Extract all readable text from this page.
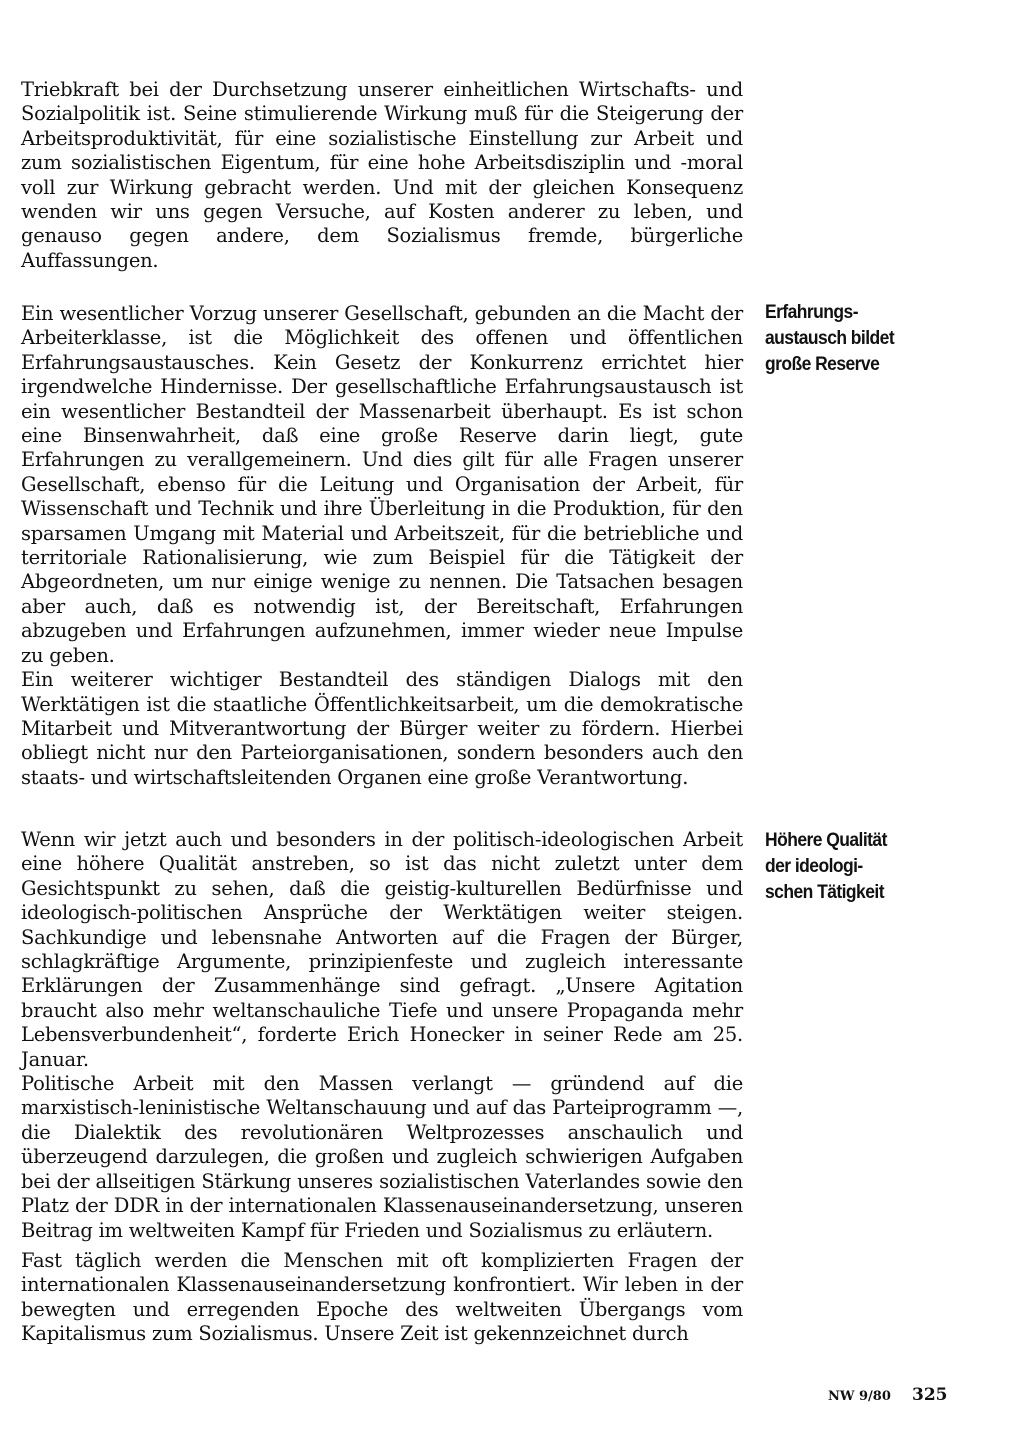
Triebkraft bei der Durchsetzung unserer einheitlichen Wirtschafts- und Sozialpolitik ist. Seine stimulierende Wirkung muß für die Steigerung der Arbeitsproduktivität, für eine sozialistische Einstellung zur Arbeit und zum sozialistischen Eigentum, für eine hohe Arbeitsdisziplin und -moral voll zur Wirkung gebracht werden. Und mit der gleichen Konsequenz wenden wir uns gegen Versuche, auf Kosten anderer zu leben, und genauso gegen andere, dem Sozialismus fremde, bürgerliche Auffassungen.

Ein wesentlicher Vorzug unserer Gesellschaft, gebunden an die Macht der Arbeiterklasse, ist die Möglichkeit des offenen und öffentlichen Erfahrungsaustausches. Kein Gesetz der Konkurrenz errichtet hier irgendwelche Hindernisse. Der gesellschaftliche Erfahrungsaustausch ist ein wesentlicher Bestandteil der Massenarbeit überhaupt. Es ist schon eine Binsenwahrheit, daß eine große Reserve darin liegt, gute Erfahrungen zu verallgemeinern. Und dies gilt für alle Fragen unserer Gesellschaft, ebenso für die Leitung und Organisation der Arbeit, für Wissenschaft und Technik und ihre Überleitung in die Produktion, für den sparsamen Umgang mit Material und Arbeitszeit, für die betriebliche und territoriale Rationalisierung, wie zum Beispiel für die Tätigkeit der Abgeordneten, um nur einige wenige zu nennen. Die Tatsachen besagen aber auch, daß es notwendig ist, der Bereitschaft, Erfahrungen abzugeben und Erfahrungen aufzunehmen, immer wieder neue Impulse zu geben.

Ein weiterer wichtiger Bestandteil des ständigen Dialogs mit den Werktätigen ist die staatliche Öffentlichkeitsarbeit, um die demokratische Mitarbeit und Mitverantwortung der Bürger weiter zu fördern. Hierbei obliegt nicht nur den Parteiorganisationen, sondern besonders auch den staats- und wirtschaftsleitenden Organen eine große Verantwortung.

Erfahrungs-
austausch bildet
große Reserve

Wenn wir jetzt auch und besonders in der politisch-ideologischen Arbeit eine höhere Qualität anstreben, so ist das nicht zuletzt unter dem Gesichtspunkt zu sehen, daß die geistig-kulturellen Bedürfnisse und ideologisch-politischen Ansprüche der Werktätigen weiter steigen. Sachkundige und lebensnahe Antworten auf die Fragen der Bürger, schlagkräftige Argumente, prinzipienfeste und zugleich interessante Erklärungen der Zusammenhänge sind gefragt. „Unsere Agitation braucht also mehr weltanschauliche Tiefe und unsere Propaganda mehr Lebensverbundenheit“, forderte Erich Honecker in seiner Rede am 25. Januar.

Politische Arbeit mit den Massen verlangt — gründend auf die marxistisch-leninistische Weltanschauung und auf das Parteiprogramm —, die Dialektik des revolutionären Weltprozesses anschaulich und überzeugend darzulegen, die großen und zugleich schwierigen Aufgaben bei der allseitigen Stärkung unseres sozialistischen Vaterlandes sowie den Platz der DDR in der internationalen Klassenauseinandersetzung, unseren Beitrag im weltweiten Kampf für Frieden und Sozialismus zu erläutern.

Fast täglich werden die Menschen mit oft komplizierten Fragen der internationalen Klassenauseinandersetzung konfrontiert. Wir leben in der bewegten und erregenden Epoche des weltweiten Übergangs vom Kapitalismus zum Sozialismus. Unsere Zeit ist gekennzeichnet durch

Höhere Qualität
der ideologi-
schen Tätigkeit
NW 9/80 325
